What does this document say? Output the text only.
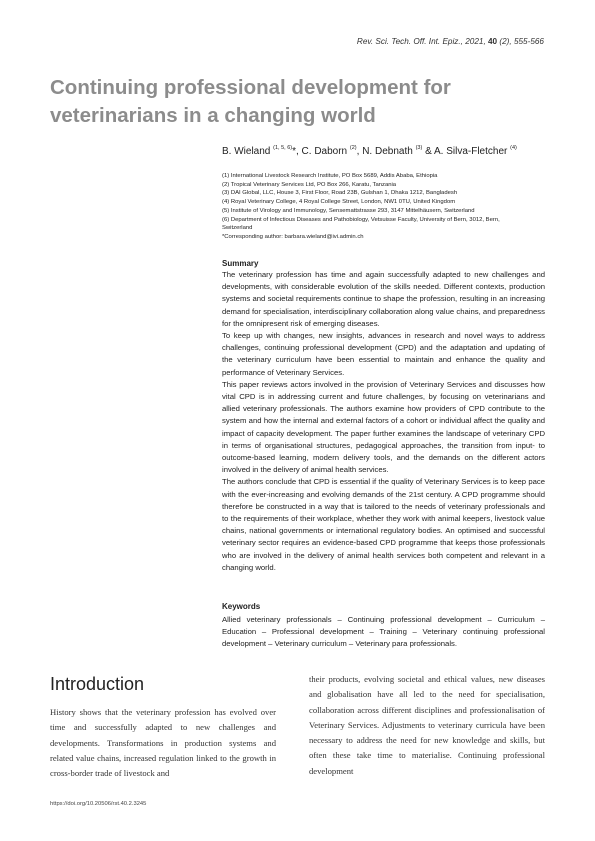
Rev. Sci. Tech. Off. Int. Epiz., 2021, 40 (2), 555-566
Continuing professional development for veterinarians in a changing world
B. Wieland $^{(1, 5, 6)}$*, C. Daborn $^{(2)}$, N. Debnath $^{(3)}$ & A. Silva-Fletcher $^{(4)}$
(1) International Livestock Research Institute, PO Box 5689, Addis Ababa, Ethiopia
(2) Tropical Veterinary Services Ltd, PO Box 266, Karatu, Tanzania
(3) DAI Global, LLC, House 3, First Floor, Road 23B, Gulshan 1, Dhaka 1212, Bangladesh
(4) Royal Veterinary College, 4 Royal College Street, London, NW1 0TU, United Kingdom
(5) Institute of Virology and Immunology, Sensemattstrasse 293, 3147 Mittelhäusern, Switzerland
(6) Department of Infectious Diseases and Pathobiology, Vetsuisse Faculty, University of Bern, 3012, Bern,
Switzerland
*Corresponding author: barbara.wieland@ivi.admin.ch
Summary

The veterinary profession has time and again successfully adapted to new challenges and developments, with considerable evolution of the skills needed. Different contexts, production systems and societal requirements continue to shape the profession, resulting in an increasing demand for specialisation, interdisciplinary collaboration along value chains, and preparedness for the omnipresent risk of emerging diseases.

To keep up with changes, new insights, advances in research and novel ways to address challenges, continuing professional development (CPD) and the adaptation and updating of the veterinary curriculum have been essential to maintain and enhance the quality and performance of Veterinary Services.

This paper reviews actors involved in the provision of Veterinary Services and discusses how vital CPD is in addressing current and future challenges, by focusing on veterinarians and allied veterinary professionals. The authors examine how providers of CPD contribute to the system and how the internal and external factors of a cohort or individual affect the quality and impact of capacity development. The paper further examines the landscape of veterinary CPD in terms of organisational structures, pedagogical approaches, the transition from input- to outcome-based learning, modern delivery tools, and the demands on the different actors involved in the delivery of animal health services.

The authors conclude that CPD is essential if the quality of Veterinary Services is to keep pace with the ever-increasing and evolving demands of the 21st century. A CPD programme should therefore be constructed in a way that is tailored to the needs of veterinary professionals and to the requirements of their workplace, whether they work with animal keepers, livestock value chains, national governments or international regulatory bodies. An optimised and successful veterinary sector requires an evidence-based CPD programme that keeps those professionals who are involved in the delivery of animal health services both competent and relevant in a changing world.

Keywords
Allied veterinary professionals – Continuing professional development – Curriculum – Education – Professional development – Training – Veterinary continuing professional development – Veterinary curriculum – Veterinary para professionals.
Introduction

History shows that the veterinary profession has evolved over time and successfully adapted to new challenges and developments. Transformations in production systems and related value chains, increased regulation linked to the growth in cross-border trade of livestock and

their products, evolving societal and ethical values, new diseases and globalisation have all led to the need for specialisation, collaboration across different disciplines and professionalisation of Veterinary Services. Adjustments to veterinary curricula have been necessary to address the need for new knowledge and skills, but often these take time to materialise. Continuing professional development

https://doi.org/10.20506/rst.40.2.3245
